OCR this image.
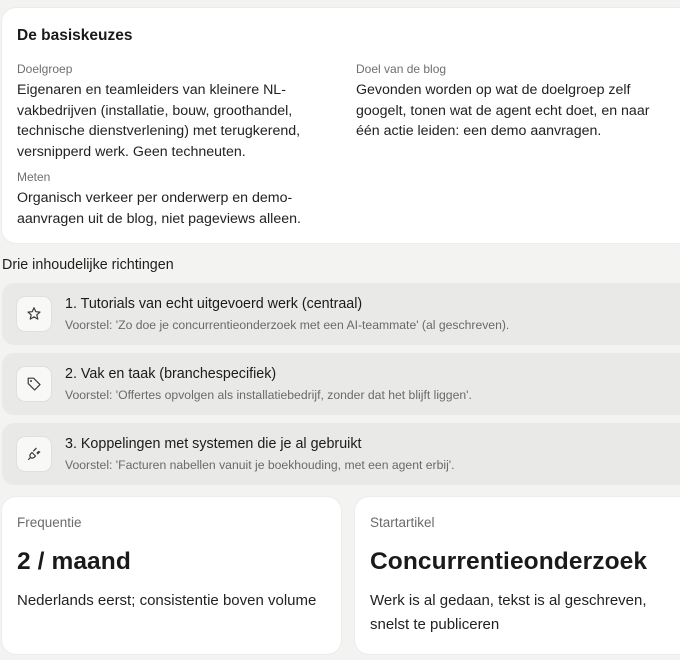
De basiskeuzes
Doelgroep
Eigenaren en teamleiders van kleinere NL-vakbedrijven (installatie, bouw, groothandel, technische dienstverlening) met terugkerend, versnipperd werk. Geen techneuten.
Doel van de blog
Gevonden worden op wat de doelgroep zelf googelt, tonen wat de agent echt doet, en naar één actie leiden: een demo aanvragen.
Meten
Organisch verkeer per onderwerp en demo-aanvragen uit de blog, niet pageviews alleen.
Drie inhoudelijke richtingen
1. Tutorials van echt uitgevoerd werk (centraal)
Voorstel: 'Zo doe je concurrentieonderzoek met een AI-teammate' (al geschreven).
2. Vak en taak (branchespecifiek)
Voorstel: 'Offertes opvolgen als installatiebedrijf, zonder dat het blijft liggen'.
3. Koppelingen met systemen die je al gebruikt
Voorstel: 'Facturen nabellen vanuit je boekhouding, met een agent erbij'.
Frequentie
2 / maand
Nederlands eerst; consistentie boven volume
Startartikel
Concurrentieonderzoek
Werk is al gedaan, tekst is al geschreven, snelst te publiceren
